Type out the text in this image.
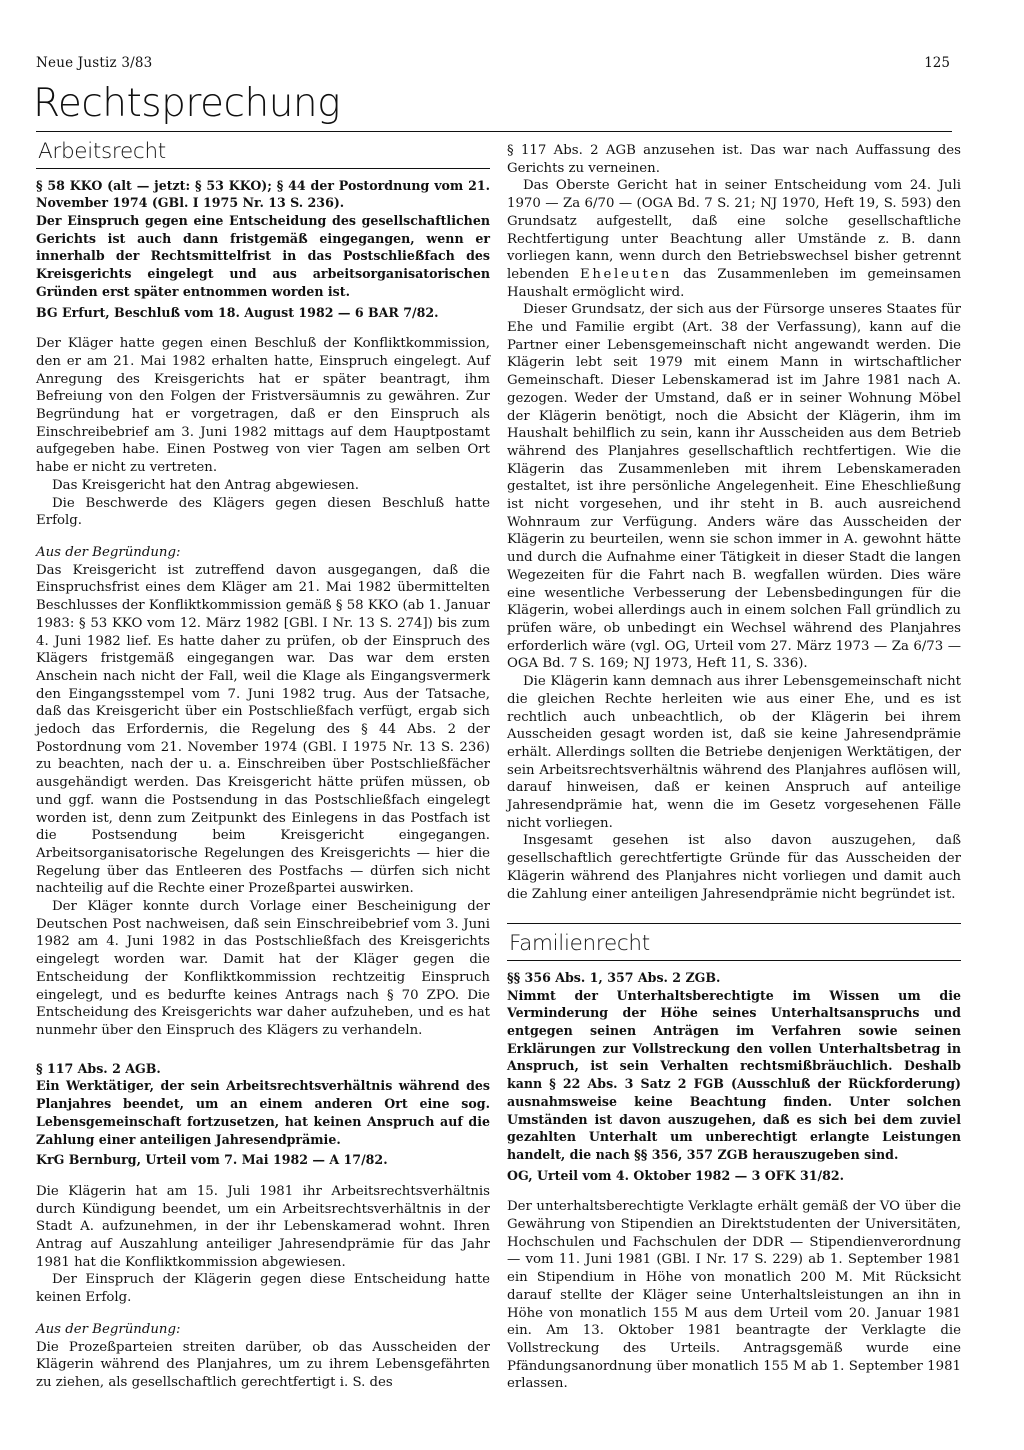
Neue Justiz 3/83	125
Rechtsprechung
Arbeitsrecht

§ 58 KKO (alt — jetzt: § 53 KKO); § 44 der Postordnung vom 21. November 1974 (GBl. I 1975 Nr. 13 S. 236).

Der Einspruch gegen eine Entscheidung des gesellschaftlichen Gerichts ist auch dann fristgemäß eingegangen, wenn er innerhalb der Rechtsmittelfrist in das Postschließfach des Kreisgerichts eingelegt und aus arbeitsorganisatorischen Gründen erst später entnommen worden ist.

BG Erfurt, Beschluß vom 18. August 1982 — 6 BAR 7/82.

Der Kläger hatte gegen einen Beschluß der Konfliktkommission, den er am 21. Mai 1982 erhalten hatte, Einspruch eingelegt. Auf Anregung des Kreisgerichts hat er später beantragt, ihm Befreiung von den Folgen der Fristversäumnis zu gewähren. Zur Begründung hat er vorgetragen, daß er den Einspruch als Einschreibebrief am 3. Juni 1982 mittags auf dem Hauptpostamt aufgegeben habe. Einen Postweg von vier Tagen am selben Ort habe er nicht zu vertreten.

Das Kreisgericht hat den Antrag abgewiesen.

Die Beschwerde des Klägers gegen diesen Beschluß hatte Erfolg.

Aus der Begründung:

Das Kreisgericht ist zutreffend davon ausgegangen, daß die Einspruchsfrist eines dem Kläger am 21. Mai 1982 übermittelten Beschlusses der Konfliktkommission gemäß § 58 KKO (ab 1. Januar 1983: § 53 KKO vom 12. März 1982 [GBl. I Nr. 13 S. 274]) bis zum 4. Juni 1982 lief. Es hatte daher zu prüfen, ob der Einspruch des Klägers fristgemäß eingegangen war. Das war dem ersten Anschein nach nicht der Fall, weil die Klage als Eingangsvermerk den Eingangsstempel vom 7. Juni 1982 trug. Aus der Tatsache, daß das Kreisgericht über ein Postschließfach verfügt, ergab sich jedoch das Erfordernis, die Regelung des § 44 Abs. 2 der Postordnung vom 21. November 1974 (GBl. I 1975 Nr. 13 S. 236) zu beachten, nach der u. a. Einschreiben über Postschließfächer ausgehändigt werden. Das Kreisgericht hätte prüfen müssen, ob und ggf. wann die Postsendung in das Postschließfach eingelegt worden ist, denn zum Zeitpunkt des Einlegens in das Postfach ist die Postsendung beim Kreisgericht eingegangen. Arbeitsorganisatorische Regelungen des Kreisgerichts — hier die Regelung über das Entleeren des Postfachs — dürfen sich nicht nachteilig auf die Rechte einer Prozeßpartei auswirken.

Der Kläger konnte durch Vorlage einer Bescheinigung der Deutschen Post nachweisen, daß sein Einschreibebrief vom 3. Juni 1982 am 4. Juni 1982 in das Postschließfach des Kreisgerichts eingelegt worden war. Damit hat der Kläger gegen die Entscheidung der Konfliktkommission rechtzeitig Einspruch eingelegt, und es bedurfte keines Antrags nach § 70 ZPO. Die Entscheidung des Kreisgerichts war daher aufzuheben, und es hat nunmehr über den Einspruch des Klägers zu verhandeln.

§ 117 Abs. 2 AGB.

Ein Werktätiger, der sein Arbeitsrechtsverhältnis während des Planjahres beendet, um an einem anderen Ort eine sog. Lebensgemeinschaft fortzusetzen, hat keinen Anspruch auf die Zahlung einer anteiligen Jahresendprämie.

KrG Bernburg, Urteil vom 7. Mai 1982 — A 17/82.

Die Klägerin hat am 15. Juli 1981 ihr Arbeitsrechtsverhältnis durch Kündigung beendet, um ein Arbeitsrechtsverhältnis in der Stadt A. aufzunehmen, in der ihr Lebenskamerad wohnt. Ihren Antrag auf Auszahlung anteiliger Jahresendprämie für das Jahr 1981 hat die Konfliktkommission abgewiesen.

Der Einspruch der Klägerin gegen diese Entscheidung hatte keinen Erfolg.

Aus der Begründung:

Die Prozeßparteien streiten darüber, ob das Ausscheiden der Klägerin während des Planjahres, um zu ihrem Lebensgefährten zu ziehen, als gesellschaftlich gerechtfertigt i. S. des

§ 117 Abs. 2 AGB anzusehen ist. Das war nach Auffassung des Gerichts zu verneinen.

Das Oberste Gericht hat in seiner Entscheidung vom 24. Juli 1970 — Za 6/70 — (OGA Bd. 7 S. 21; NJ 1970, Heft 19, S. 593) den Grundsatz aufgestellt, daß eine solche gesellschaftliche Rechtfertigung unter Beachtung aller Umstände z. B. dann vorliegen kann, wenn durch den Betriebswechsel bisher getrennt lebenden Eheleuten das Zusammenleben im gemeinsamen Haushalt ermöglicht wird.

Dieser Grundsatz, der sich aus der Fürsorge unseres Staates für Ehe und Familie ergibt (Art. 38 der Verfassung), kann auf die Partner einer Lebensgemeinschaft nicht angewandt werden. Die Klägerin lebt seit 1979 mit einem Mann in wirtschaftlicher Gemeinschaft. Dieser Lebenskamerad ist im Jahre 1981 nach A. gezogen. Weder der Umstand, daß er in seiner Wohnung Möbel der Klägerin benötigt, noch die Absicht der Klägerin, ihm im Haushalt behilflich zu sein, kann ihr Ausscheiden aus dem Betrieb während des Planjahres gesellschaftlich rechtfertigen. Wie die Klägerin das Zusammenleben mit ihrem Lebenskameraden gestaltet, ist ihre persönliche Angelegenheit. Eine Eheschließung ist nicht vorgesehen, und ihr steht in B. auch ausreichend Wohnraum zur Verfügung. Anders wäre das Ausscheiden der Klägerin zu beurteilen, wenn sie schon immer in A. gewohnt hätte und durch die Aufnahme einer Tätigkeit in dieser Stadt die langen Wegezeiten für die Fahrt nach B. wegfallen würden. Dies wäre eine wesentliche Verbesserung der Lebensbedingungen für die Klägerin, wobei allerdings auch in einem solchen Fall gründlich zu prüfen wäre, ob unbedingt ein Wechsel während des Planjahres erforderlich wäre (vgl. OG, Urteil vom 27. März 1973 — Za 6/73 — OGA Bd. 7 S. 169; NJ 1973, Heft 11, S. 336).

Die Klägerin kann demnach aus ihrer Lebensgemeinschaft nicht die gleichen Rechte herleiten wie aus einer Ehe, und es ist rechtlich auch unbeachtlich, ob der Klägerin bei ihrem Ausscheiden gesagt worden ist, daß sie keine Jahresendprämie erhält. Allerdings sollten die Betriebe denjenigen Werktätigen, der sein Arbeitsrechtsverhältnis während des Planjahres auflösen will, darauf hinweisen, daß er keinen Anspruch auf anteilige Jahresendprämie hat, wenn die im Gesetz vorgesehenen Fälle nicht vorliegen.

Insgesamt gesehen ist also davon auszugehen, daß gesellschaftlich gerechtfertigte Gründe für das Ausscheiden der Klägerin während des Planjahres nicht vorliegen und damit auch die Zahlung einer anteiligen Jahresendprämie nicht begründet ist.

Familienrecht

§§ 356 Abs. 1, 357 Abs. 2 ZGB.

Nimmt der Unterhaltsberechtigte im Wissen um die Verminderung der Höhe seines Unterhaltsanspruchs und entgegen seinen Anträgen im Verfahren sowie seinen Erklärungen zur Vollstreckung den vollen Unterhaltsbetrag in Anspruch, ist sein Verhalten rechtsmißbräuchlich. Deshalb kann § 22 Abs. 3 Satz 2 FGB (Ausschluß der Rückforderung) ausnahmsweise keine Beachtung finden. Unter solchen Umständen ist davon auszugehen, daß es sich bei dem zuviel gezahlten Unterhalt um unberechtigt erlangte Leistungen handelt, die nach §§ 356, 357 ZGB herauszugeben sind.

OG, Urteil vom 4. Oktober 1982 — 3 OFK 31/82.

Der unterhaltsberechtigte Verklagte erhält gemäß der VO über die Gewährung von Stipendien an Direktstudenten der Universitäten, Hochschulen und Fachschulen der DDR — Stipendienverordnung — vom 11. Juni 1981 (GBl. I Nr. 17 S. 229) ab 1. September 1981 ein Stipendium in Höhe von monatlich 200 M. Mit Rücksicht darauf stellte der Kläger seine Unterhaltsleistungen an ihn in Höhe von monatlich 155 M aus dem Urteil vom 20. Januar 1981 ein. Am 13. Oktober 1981 beantragte der Verklagte die Vollstreckung des Urteils. Antragsgemäß wurde eine Pfändungsanordnung über monatlich 155 M ab 1. September 1981 erlassen.
